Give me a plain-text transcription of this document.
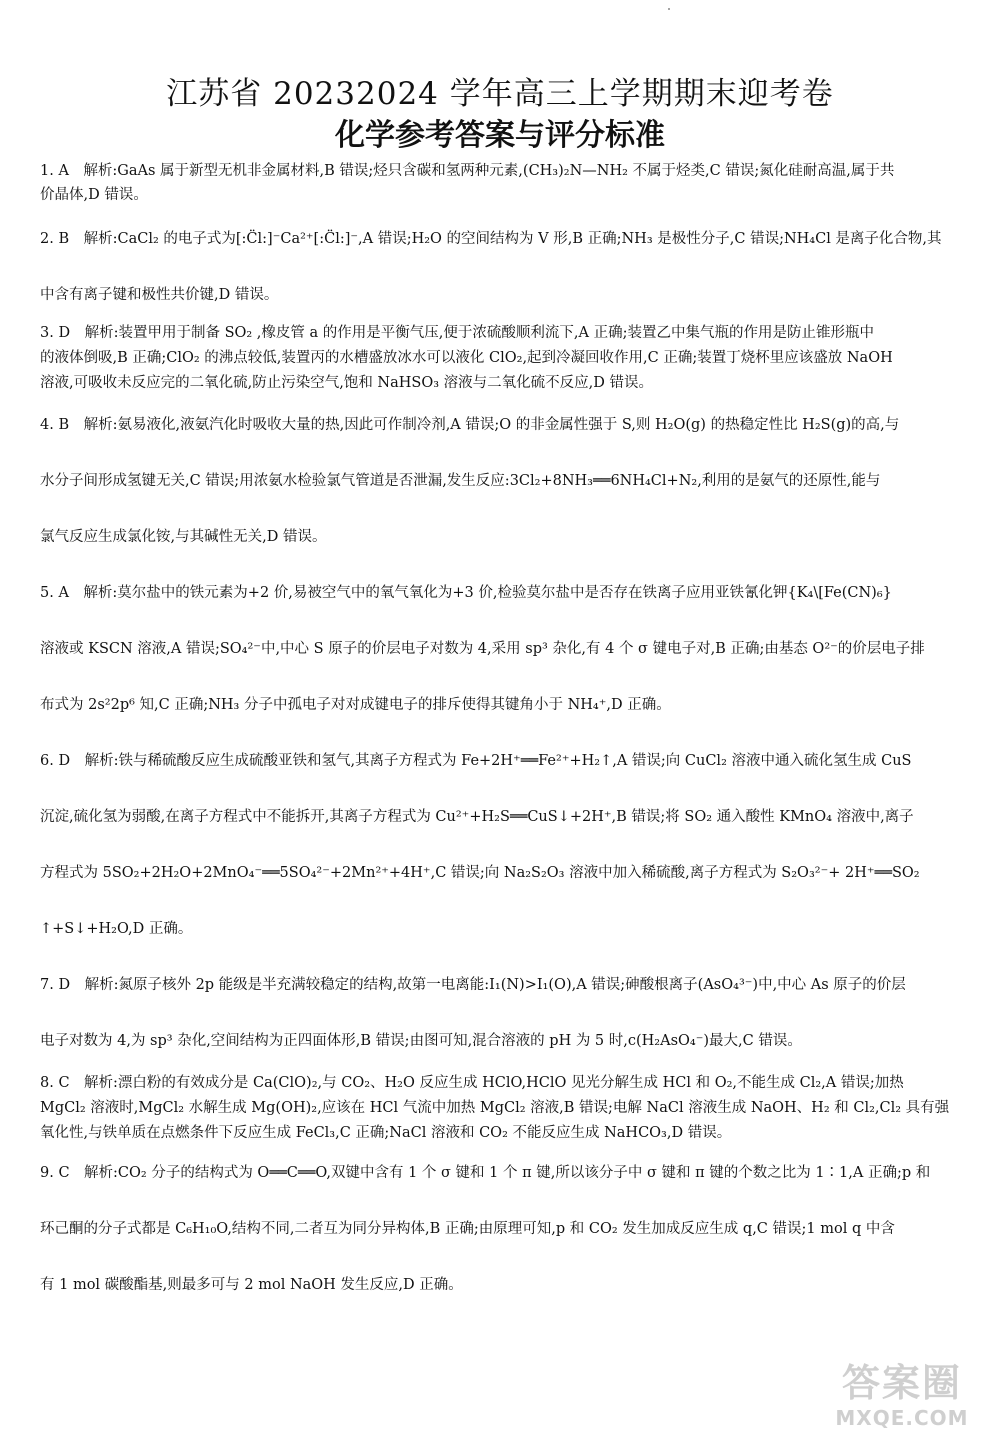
江苏省 20232024 学年高三上学期期末迎考卷
化学参考答案与评分标准
1. A　解析:GaAs 属于新型无机非金属材料,B 错误;烃只含碳和氢两种元素,(CH₃)₂N—NH₂ 不属于烃类,C 错误;氮化硅耐高温,属于共
价晶体,D 错误。
2. B　解析:CaCl₂ 的电子式为[:C̈l:]⁻Ca²⁺[:C̈l:]⁻,A 错误;H₂O 的空间结构为 V 形,B 正确;NH₃ 是极性分子,C 错误;NH₄Cl 是离子化合物,其
中含有离子键和极性共价键,D 错误。
3. D　解析:装置甲用于制备 SO₂ ,橡皮管 a 的作用是平衡气压,便于浓硫酸顺利流下,A 正确;装置乙中集气瓶的作用是防止锥形瓶中
的液体倒吸,B 正确;ClO₂ 的沸点较低,装置丙的水槽盛放冰水可以液化 ClO₂,起到冷凝回收作用,C 正确;装置丁烧杯里应该盛放 NaOH
溶液,可吸收未反应完的二氧化硫,防止污染空气,饱和 NaHSO₃ 溶液与二氧化硫不反应,D 错误。
4. B　解析:氨易液化,液氨汽化时吸收大量的热,因此可作制冷剂,A 错误;O 的非金属性强于 S,则 H₂O(g) 的热稳定性比 H₂S(g)的高,与
水分子间形成氢键无关,C 错误;用浓氨水检验氯气管道是否泄漏,发生反应:3Cl₂+8NH₃══6NH₄Cl+N₂,利用的是氨气的还原性,能与
氯气反应生成氯化铵,与其碱性无关,D 错误。
5. A　解析:莫尔盐中的铁元素为+2 价,易被空气中的氧气氧化为+3 价,检验莫尔盐中是否存在铁离子应用亚铁氰化钾{K₄\[Fe(CN)₆}
溶液或 KSCN 溶液,A 错误;SO₄²⁻中,中心 S 原子的价层电子对数为 4,采用 sp³ 杂化,有 4 个 σ 键电子对,B 正确;由基态 O²⁻的价层电子排
布式为 2s²2p⁶ 知,C 正确;NH₃ 分子中孤电子对对成键电子的排斥使得其键角小于 NH₄⁺,D 正确。
6. D　解析:铁与稀硫酸反应生成硫酸亚铁和氢气,其离子方程式为 Fe+2H⁺══Fe²⁺+H₂↑,A 错误;向 CuCl₂ 溶液中通入硫化氢生成 CuS
沉淀,硫化氢为弱酸,在离子方程式中不能拆开,其离子方程式为 Cu²⁺+H₂S══CuS↓+2H⁺,B 错误;将 SO₂ 通入酸性 KMnO₄ 溶液中,离子
方程式为 5SO₂+2H₂O+2MnO₄⁻══5SO₄²⁻+2Mn²⁺+4H⁺,C 错误;向 Na₂S₂O₃ 溶液中加入稀硫酸,离子方程式为 S₂O₃²⁻+ 2H⁺══SO₂
↑+S↓+H₂O,D 正确。
7. D　解析:氮原子核外 2p 能级是半充满较稳定的结构,故第一电离能:I₁(N)>I₁(O),A 错误;砷酸根离子(AsO₄³⁻)中,中心 As 原子的价层
电子对数为 4,为 sp³ 杂化,空间结构为正四面体形,B 错误;由图可知,混合溶液的 pH 为 5 时,c(H₂AsO₄⁻)最大,C 错误。
8. C　解析:漂白粉的有效成分是 Ca(ClO)₂,与 CO₂、H₂O 反应生成 HClO,HClO 见光分解生成 HCl 和 O₂,不能生成 Cl₂,A 错误;加热
MgCl₂ 溶液时,MgCl₂ 水解生成 Mg(OH)₂,应该在 HCl 气流中加热 MgCl₂ 溶液,B 错误;电解 NaCl 溶液生成 NaOH、H₂ 和 Cl₂,Cl₂ 具有强
氧化性,与铁单质在点燃条件下反应生成 FeCl₃,C 正确;NaCl 溶液和 CO₂ 不能反应生成 NaHCO₃,D 错误。
9. C　解析:CO₂ 分子的结构式为 O══C══O,双键中含有 1 个 σ 键和 1 个 π 键,所以该分子中 σ 键和 π 键的个数之比为 1∶1,A 正确;p 和
环己酮的分子式都是 C₆H₁₀O,结构不同,二者互为同分异构体,B 正确;由原理可知,p 和 CO₂ 发生加成反应生成 q,C 错误;1 mol q 中含
有 1 mol 碳酸酯基,则最多可与 2 mol NaOH 发生反应,D 正确。
答案圈
MXQE.COM
